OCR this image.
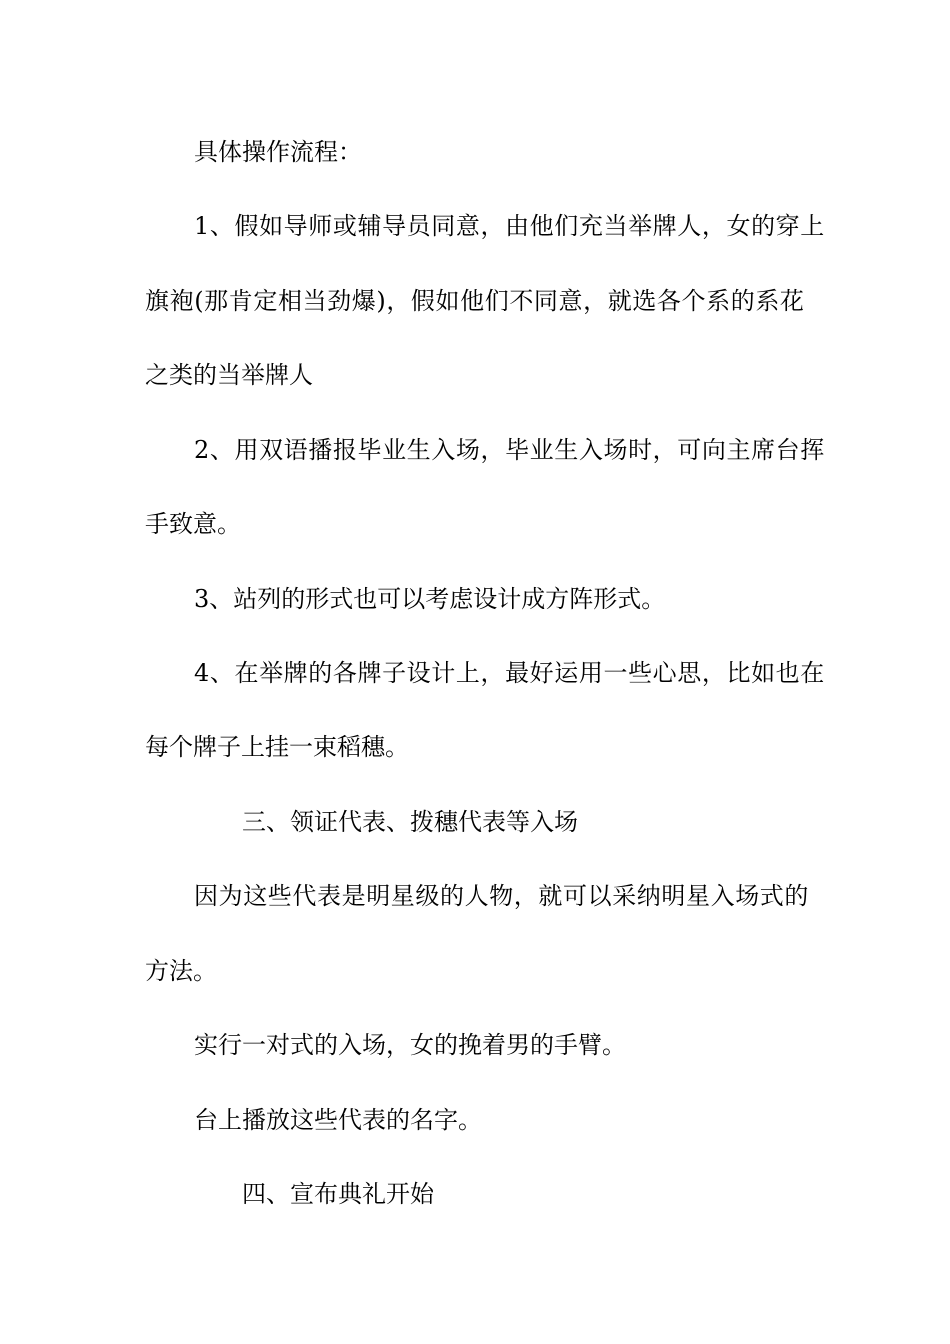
具体操作流程：

1、假如导师或辅导员同意，由他们充当举牌人，女的穿上

旗袍(那肯定相当劲爆)，假如他们不同意，就选各个系的系花

之类的当举牌人

2、用双语播报毕业生入场，毕业生入场时，可向主席台挥

手致意。

3、站列的形式也可以考虑设计成方阵形式。

4、在举牌的各牌子设计上，最好运用一些心思，比如也在

每个牌子上挂一束稻穗。

三、领证代表、拨穗代表等入场

因为这些代表是明星级的人物，就可以采纳明星入场式的

方法。

实行一对式的入场，女的挽着男的手臂。

台上播放这些代表的名字。

四、宣布典礼开始
